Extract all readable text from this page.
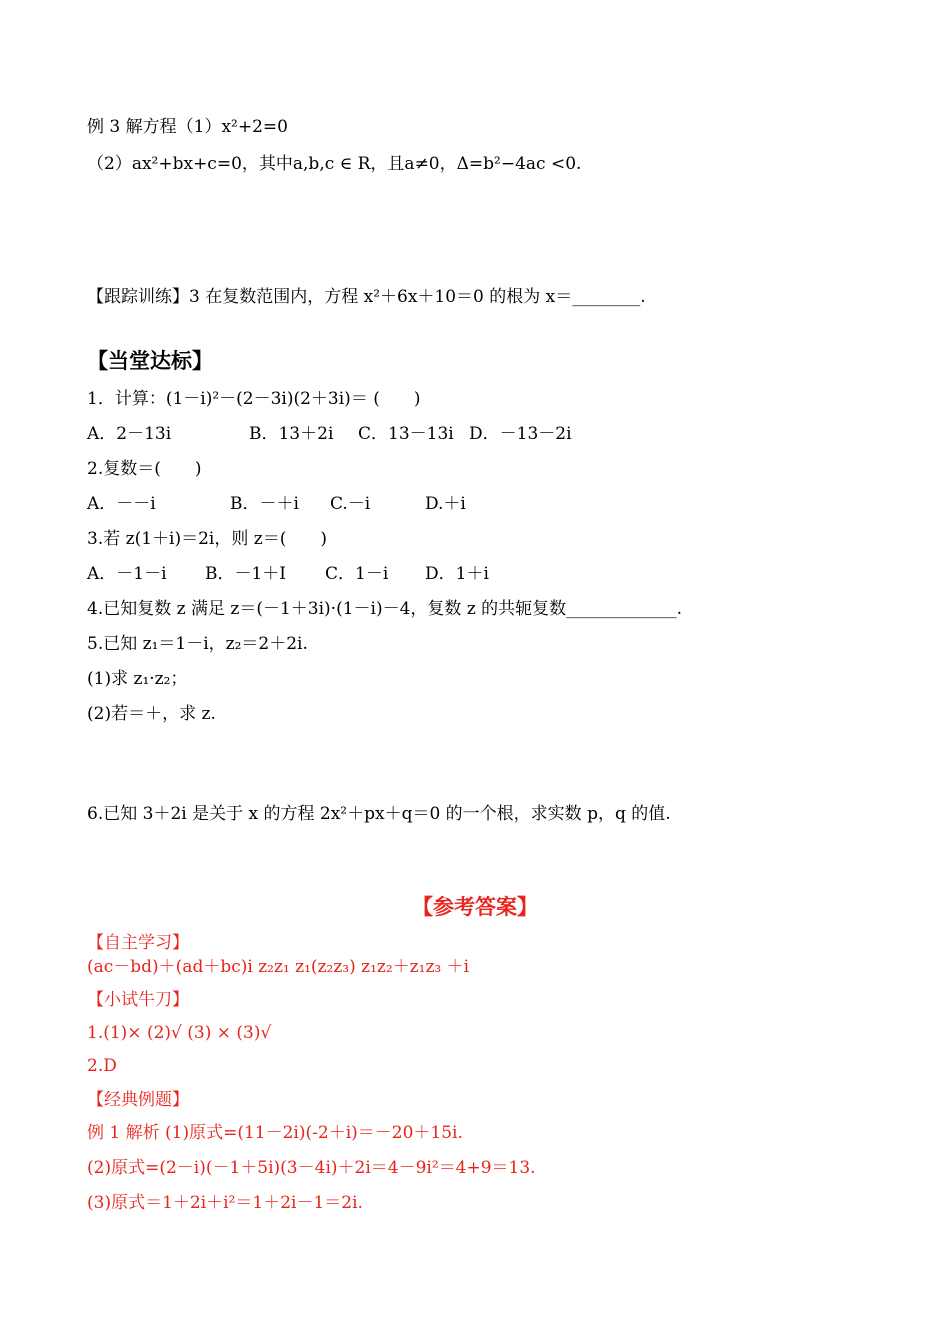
例 3 解方程（1）x²+2=0
（2）ax²+bx+c=0，其中a,b,c ∈ R，且a≠0，Δ=b²−4ac <0.
【跟踪训练】3 在复数范围内，方程 x²＋6x＋10＝0 的根为 x＝________.
【当堂达标】
1．计算：(1－i)²－(2－3i)(2＋3i)＝ (　　)
A．2－13i	B．13＋2i C．13－13i D．－13－2i
2.复数＝(　　)
A．－－i	B．－＋i C.－i	D.＋i
3.若 z(1＋i)＝2i，则 z＝(　　)
A．－1－i B．－1＋I C．1－i D．1＋i
4.已知复数 z 满足 z＝(－1＋3i)·(1－i)－4，复数 z 的共轭复数_____________.
5.已知 z₁＝1－i，z₂＝2＋2i.
(1)求 z₁·z₂；
(2)若＝＋，求 z.
6.已知 3＋2i 是关于 x 的方程 2x²＋px＋q＝0 的一个根，求实数 p，q 的值.
【参考答案】
【自主学习】
(ac－bd)＋(ad＋bc)i z₂z₁ z₁(z₂z₃) z₁z₂＋z₁z₃ ＋i
【小试牛刀】
1.(1)× (2)√ (3) × (3)√
2.D
【经典例题】
例 1 解析 (1)原式=(11－2i)(-2＋i)＝－20＋15i.
(2)原式=(2－i)(－1＋5i)(3－4i)＋2i＝4－9i²＝4+9＝13.
(3)原式＝1＋2i＋i²＝1＋2i－1＝2i.
